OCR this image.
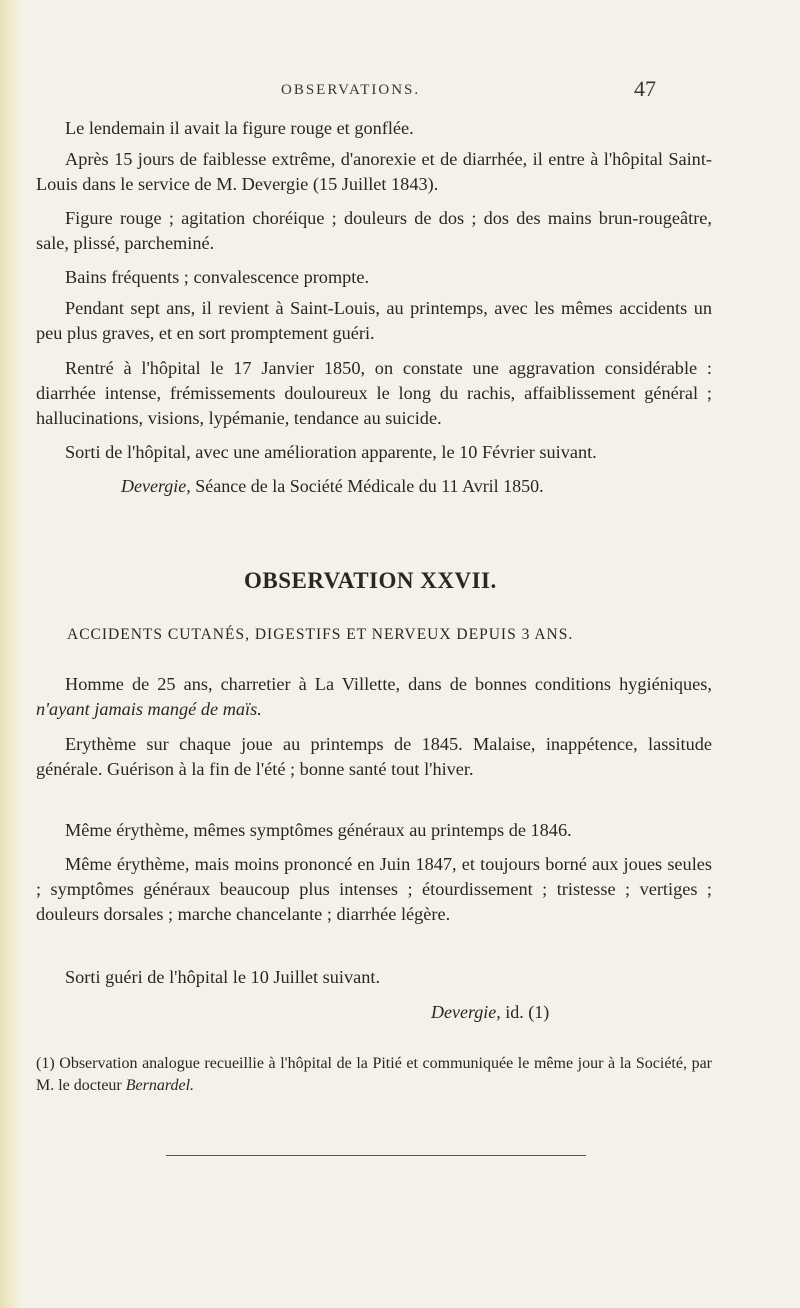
OBSERVATIONS.	47

Le lendemain il avait la figure rouge et gonflée.

Après 15 jours de faiblesse extrême, d'anorexie et de diarrhée, il entre à l'hôpital Saint-Louis dans le service de M. Devergie (15 Juillet 1843).

Figure rouge ; agitation choréique ; douleurs de dos ; dos des mains brun-rougeâtre, sale, plissé, parcheminé.

Bains fréquents ; convalescence prompte.

Pendant sept ans, il revient à Saint-Louis, au printemps, avec les mêmes accidents un peu plus graves, et en sort promptement guéri.

Rentré à l'hôpital le 17 Janvier 1850, on constate une aggravation considérable : diarrhée intense, frémissements douloureux le long du rachis, affaiblissement général ; hallucinations, visions, lypémanie, tendance au suicide.

Sorti de l'hôpital, avec une amélioration apparente, le 10 Février suivant.

Devergie, Séance de la Société Médicale du 11 Avril 1850.

OBSERVATION XXVII.

ACCIDENTS CUTANÉS, DIGESTIFS ET NERVEUX DEPUIS 3 ANS.

Homme de 25 ans, charretier à La Villette, dans de bonnes conditions hygiéniques, n'ayant jamais mangé de maïs.

Erythème sur chaque joue au printemps de 1845. Malaise, inappétence, lassitude générale. Guérison à la fin de l'été ; bonne santé tout l'hiver.

Même érythème, mêmes symptômes généraux au printemps de 1846.

Même érythème, mais moins prononcé en Juin 1847, et toujours borné aux joues seules ; symptômes généraux beaucoup plus intenses ; étourdissement ; tristesse ; vertiges ; douleurs dorsales ; marche chancelante ; diarrhée légère.

Sorti guéri de l'hôpital le 10 Juillet suivant.

Devergie, id. (1)

(1) Observation analogue recueillie à l'hôpital de la Pitié et communiquée le même jour à la Société, par M. le docteur Bernardel.
